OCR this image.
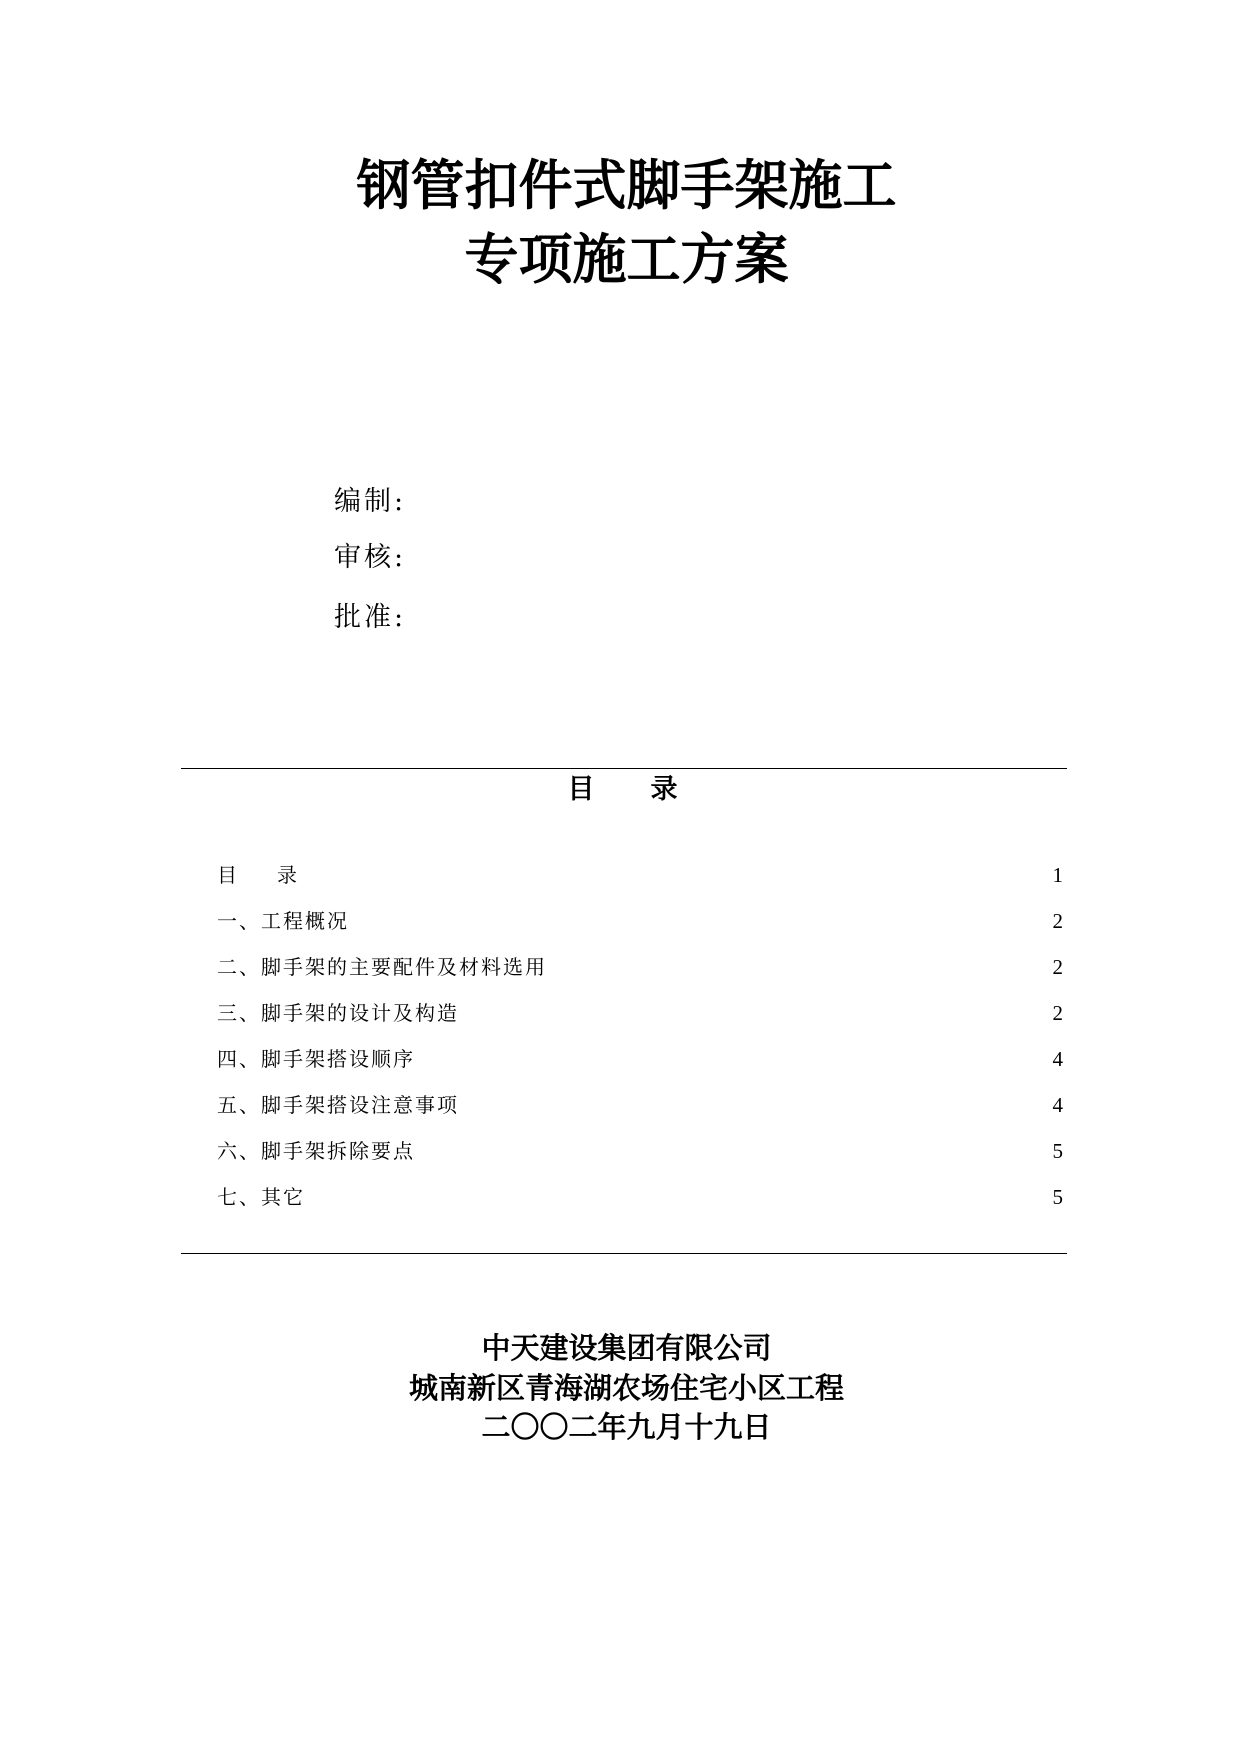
钢管扣件式脚手架施工
专项施工方案
编制:
审核:
批准:
目录
目录	1
一、工程概况	2
二、脚手架的主要配件及材料选用	2
三、脚手架的设计及构造	2
四、脚手架搭设顺序	4
五、脚手架搭设注意事项	4
六、脚手架拆除要点	5
七、其它	5
中天建设集团有限公司
城南新区青海湖农场住宅小区工程
二〇〇二年九月十九日
